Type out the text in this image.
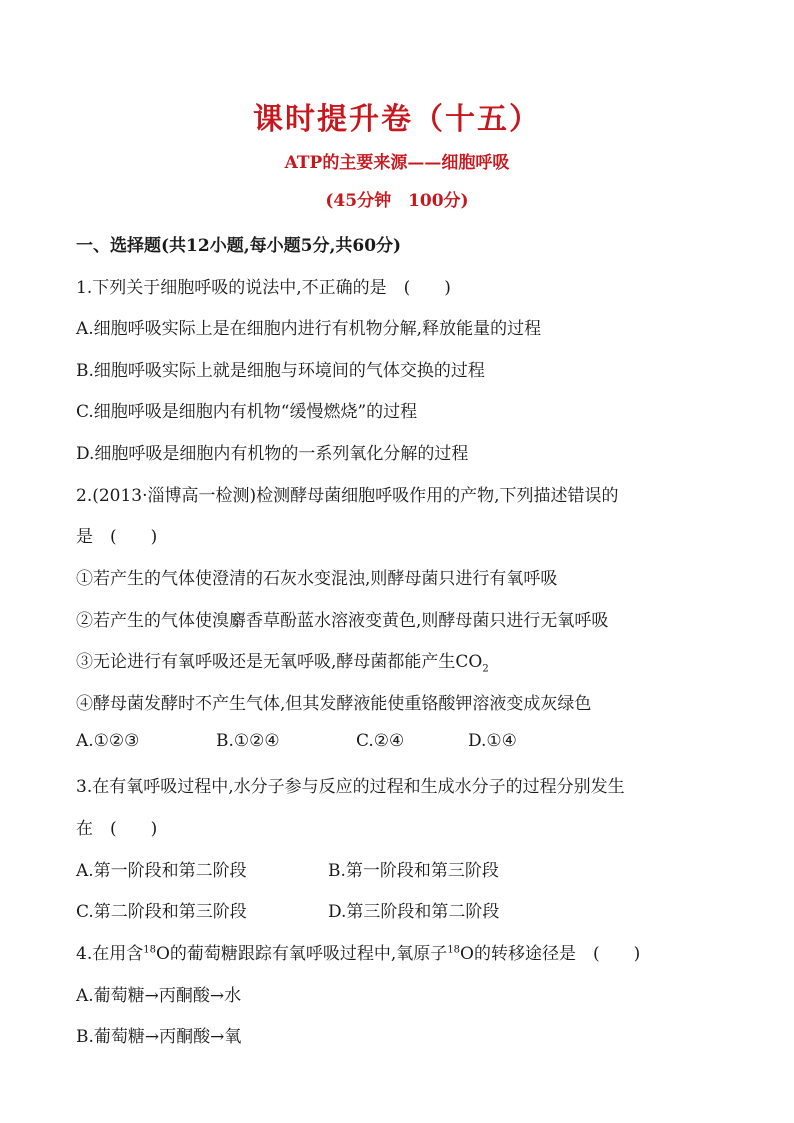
课时提升卷（十五）
ATP的主要来源——细胞呼吸
(45分钟　100分)
一、选择题(共12小题,每小题5分,共60分)
1.下列关于细胞呼吸的说法中,不正确的是　(　　)
A.细胞呼吸实际上是在细胞内进行有机物分解,释放能量的过程
B.细胞呼吸实际上就是细胞与环境间的气体交换的过程
C.细胞呼吸是细胞内有机物“缓慢燃烧”的过程
D.细胞呼吸是细胞内有机物的一系列氧化分解的过程
2.(2013·淄博高一检测)检测酵母菌细胞呼吸作用的产物,下列描述错误的
是　(　　)
①若产生的气体使澄清的石灰水变混浊,则酵母菌只进行有氧呼吸
②若产生的气体使溴麝香草酚蓝水溶液变黄色,则酵母菌只进行无氧呼吸
③无论进行有氧呼吸还是无氧呼吸,酵母菌都能产生$CO_2$
④酵母菌发酵时不产生气体,但其发酵液能使重铬酸钾溶液变成灰绿色
A.①②③	B.①②④	C.②④	D.①④
3.在有氧呼吸过程中,水分子参与反应的过程和生成水分子的过程分别发生
在　(　　)
A.第一阶段和第二阶段	B.第一阶段和第三阶段
C.第二阶段和第三阶段	D.第三阶段和第二阶段
4.在用含$^{18}$O的葡萄糖跟踪有氧呼吸过程中,氧原子$^{18}$O的转移途径是　(　　)
A.葡萄糖→丙酮酸→水
B.葡萄糖→丙酮酸→氧
